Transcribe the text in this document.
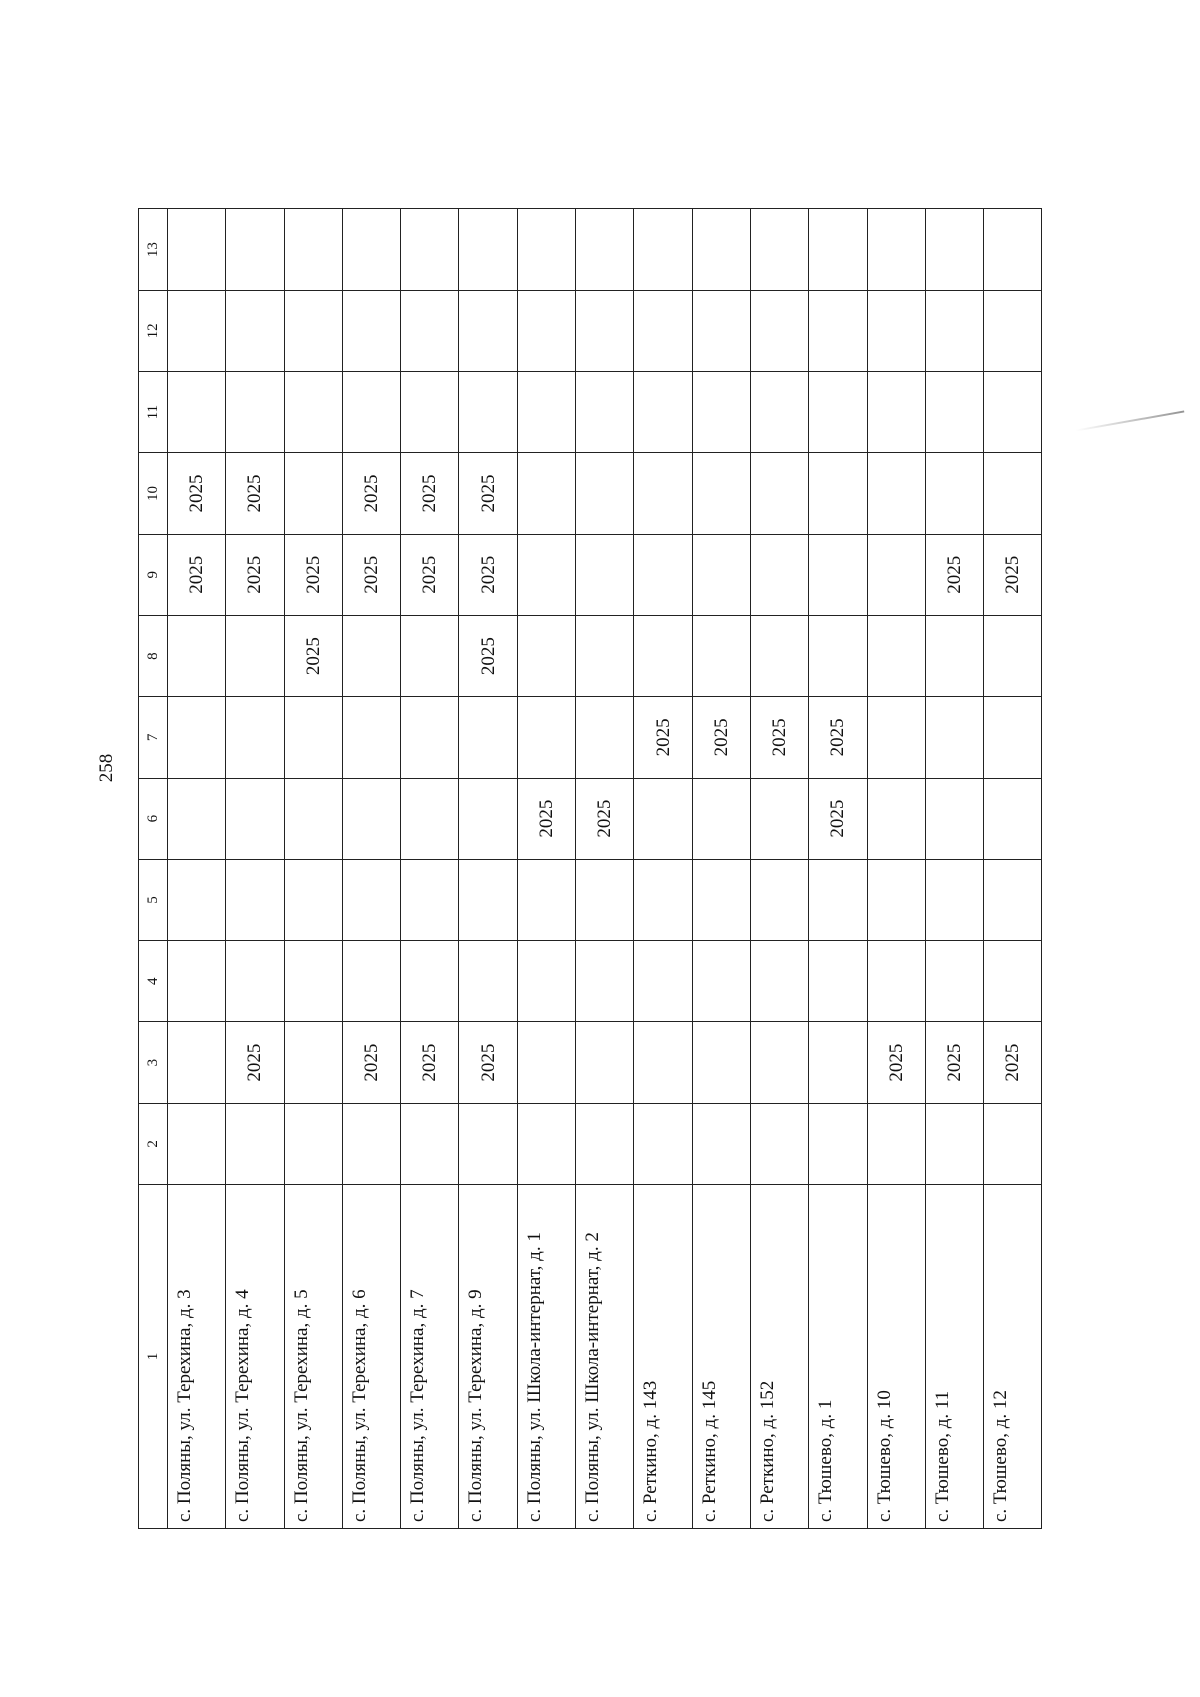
258
1	2	3	4	5	6	7	8	9	10	11	12	13
с. Поляны, ул. Терехина, д. 3								2025	2025			
с. Поляны, ул. Терехина, д. 4		2025						2025	2025			
с. Поляны, ул. Терехина, д. 5							2025	2025				
с. Поляны, ул. Терехина, д. 6		2025						2025	2025			
с. Поляны, ул. Терехина, д. 7		2025						2025	2025			
с. Поляны, ул. Терехина, д. 9		2025					2025	2025	2025			
с. Поляны, ул. Школа-интернат, д. 1					2025							
с. Поляны, ул. Школа-интернат, д. 2					2025							
с. Реткино, д. 143						2025						
с. Реткино, д. 145						2025						
с. Реткино, д. 152						2025						
с. Тюшево, д. 1					2025	2025						
с. Тюшево, д. 10		2025										
с. Тюшево, д. 11		2025						2025				
с. Тюшево, д. 12		2025						2025				
